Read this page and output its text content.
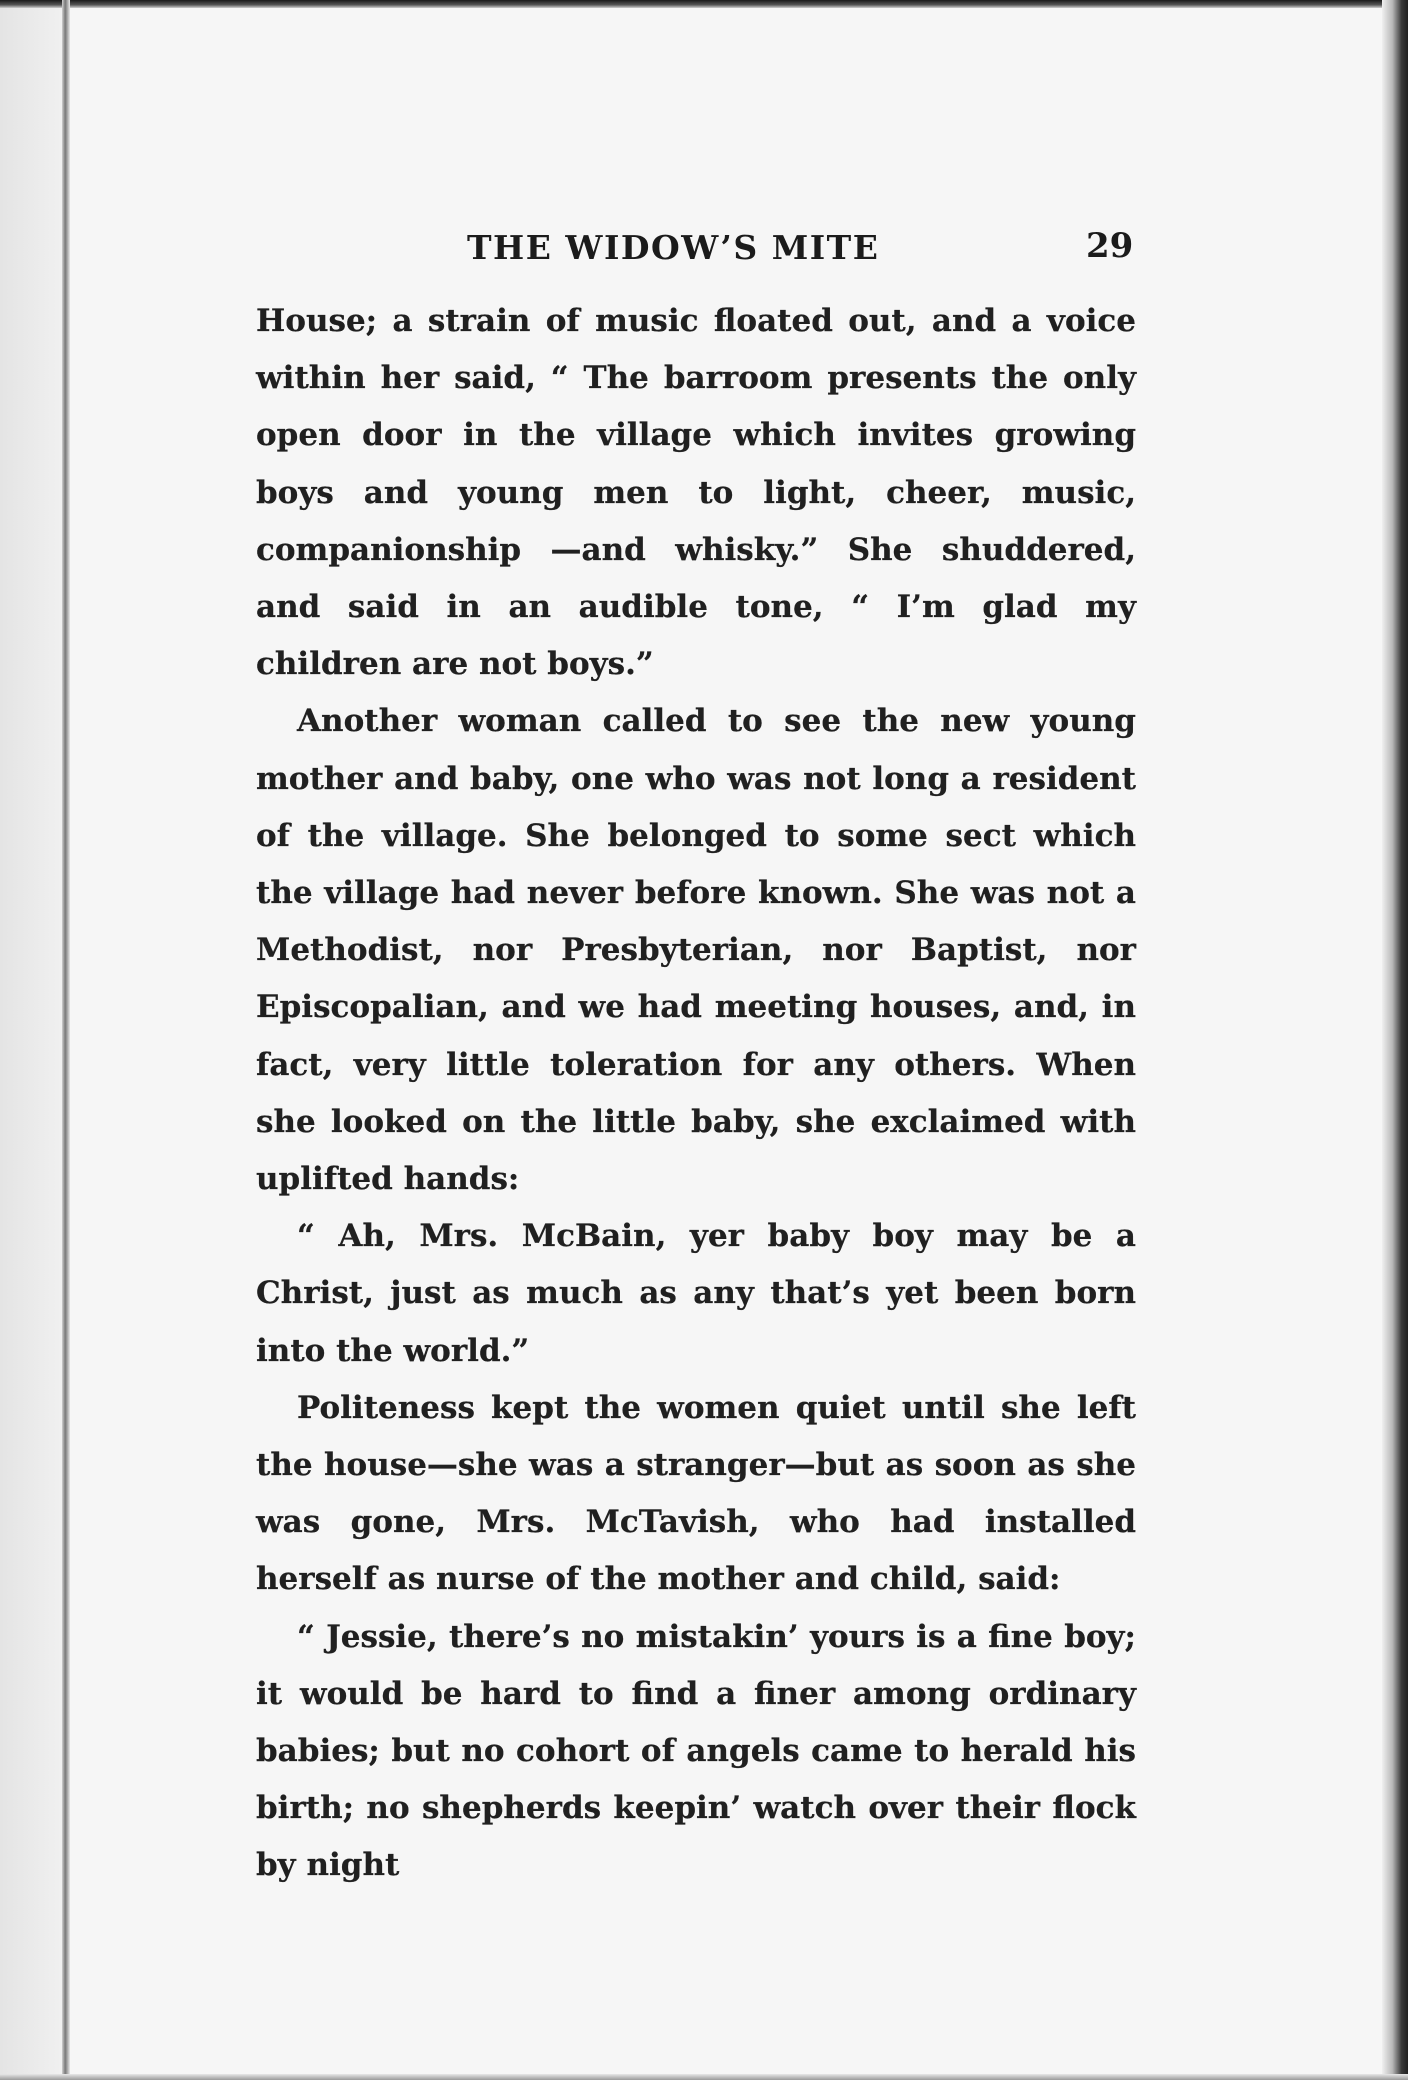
THE WIDOW’S MITE	29

House; a strain of music floated out, and a voice within her said, “ The barroom presents the only open door in the village which invites growing boys and young men to light, cheer, music, companionship —and whisky.” She shuddered, and said in an audible tone, “ I’m glad my children are not boys.”

Another woman called to see the new young mother and baby, one who was not long a resident of the village. She belonged to some sect which the village had never before known. She was not a Methodist, nor Presbyterian, nor Baptist, nor Episcopalian, and we had meeting houses, and, in fact, very little toleration for any others. When she looked on the little baby, she exclaimed with uplifted hands:

“ Ah, Mrs. McBain, yer baby boy may be a Christ, just as much as any that’s yet been born into the world.”

Politeness kept the women quiet until she left the house—she was a stranger—but as soon as she was gone, Mrs. McTavish, who had installed herself as nurse of the mother and child, said:

“ Jessie, there’s no mistakin’ yours is a fine boy; it would be hard to find a finer among ordinary babies; but no cohort of angels came to herald his birth; no shepherds keepin’ watch over their flock by night
